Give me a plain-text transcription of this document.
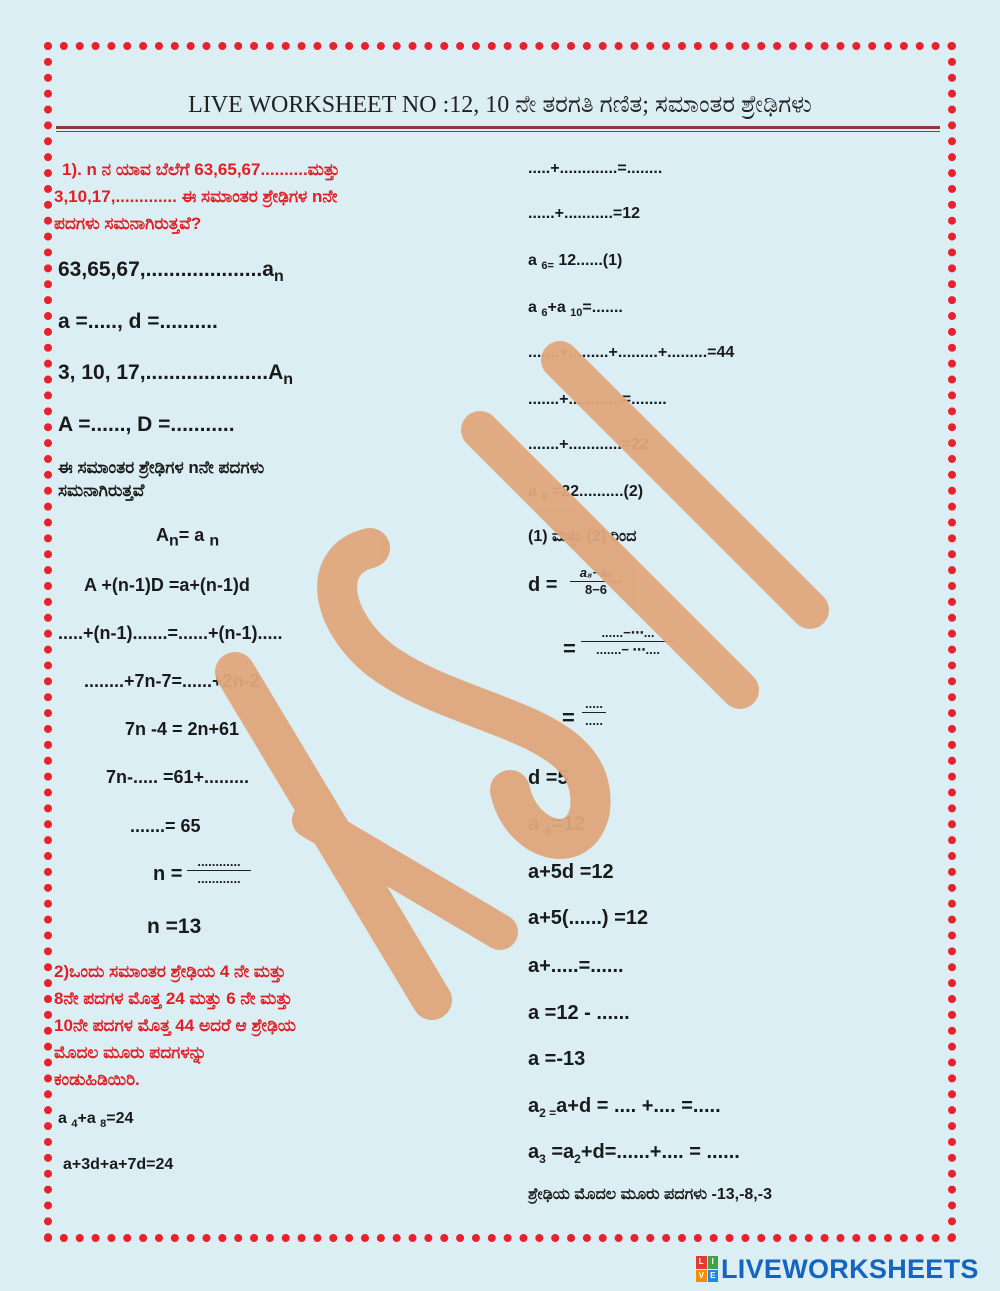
LIVE WORKSHEET NO :12, 10 ನೇ ತರಗತಿ ಗಣಿತ; ಸಮಾಂತರ ಶ್ರೇಢಿಗಳು
1). n ನ ಯಾವ ಬೆಲೆಗೆ 63,65,67..........ಮತ್ತು
3,10,17,............. ಈ ಸಮಾಂತರ ಶ್ರೇಢಿಗಳ nನೇ
ಪದಗಳು ಸಮನಾಗಿರುತ್ತವೆ?
$63,65,67,....................a_n$
a =....., d =..........
3, 10, $17,.....................A_n$
A =......, D =...........
ಈ ಸಮಾಂತರ ಶ್ರೇಢಿಗಳ nನೇ ಪದಗಳು
ಸಮನಾಗಿರುತ್ತವೆ
$A_n= a$ $_n$
A +(n-1)D =a+(n-1)d
.....+(n-1).......=......+(n-1).....
........+7n-7=......+2n-2
7n -4 = 2n+61
7n-..... =61+.........
.......= 65
n =
............
............
n =13
2)ಒಂದು ಸಮಾಂತರ ಶ್ರೇಢಿಯ 4 ನೇ ಮತ್ತು
8ನೇ ಪದಗಳ ಮೊತ್ತ 24 ಮತ್ತು 6 ನೇ ಮತ್ತು
10ನೇ ಪದಗಳ ಮೊತ್ತ 44 ಅದರೆ ಆ ಶ್ರೇಢಿಯ
ಮೊದಲ ಮೂರು ಪದಗಳನ್ನು
ಕಂಡುಹಿಡಿಯಿರಿ.
a $_4$+a $_8$=24
a+3d+a+7d=24
.....+.............=........
......+...........=12
a $_{6=}$ 12......(1)
a $_6$+a $_{10}$=.......
.......+.........+.........+.........=44
.......+............=........
.......+............=22
a $_8$ =22..........(2)
(1) ಮತ್ತು (2) ರಿಂದ
d =
a₈−a₆
8−6
=
......−⋯...
.......− ⋯....
=
.....
.....
d =5
a $_6$=12
a+5d =12
a+5(......) =12
a+.....=......
a =12 - ......
a =-13
$a_{2 =}a+d$ = .... +.... =.....
$a_3 =a_2+d=......+$.... = ......
ಶ್ರೇಢಿಯ ಮೊದಲ ಮೂರು ಪದಗಳು -13,-8,-3
L I
V E LIVEWORKSHEETS
